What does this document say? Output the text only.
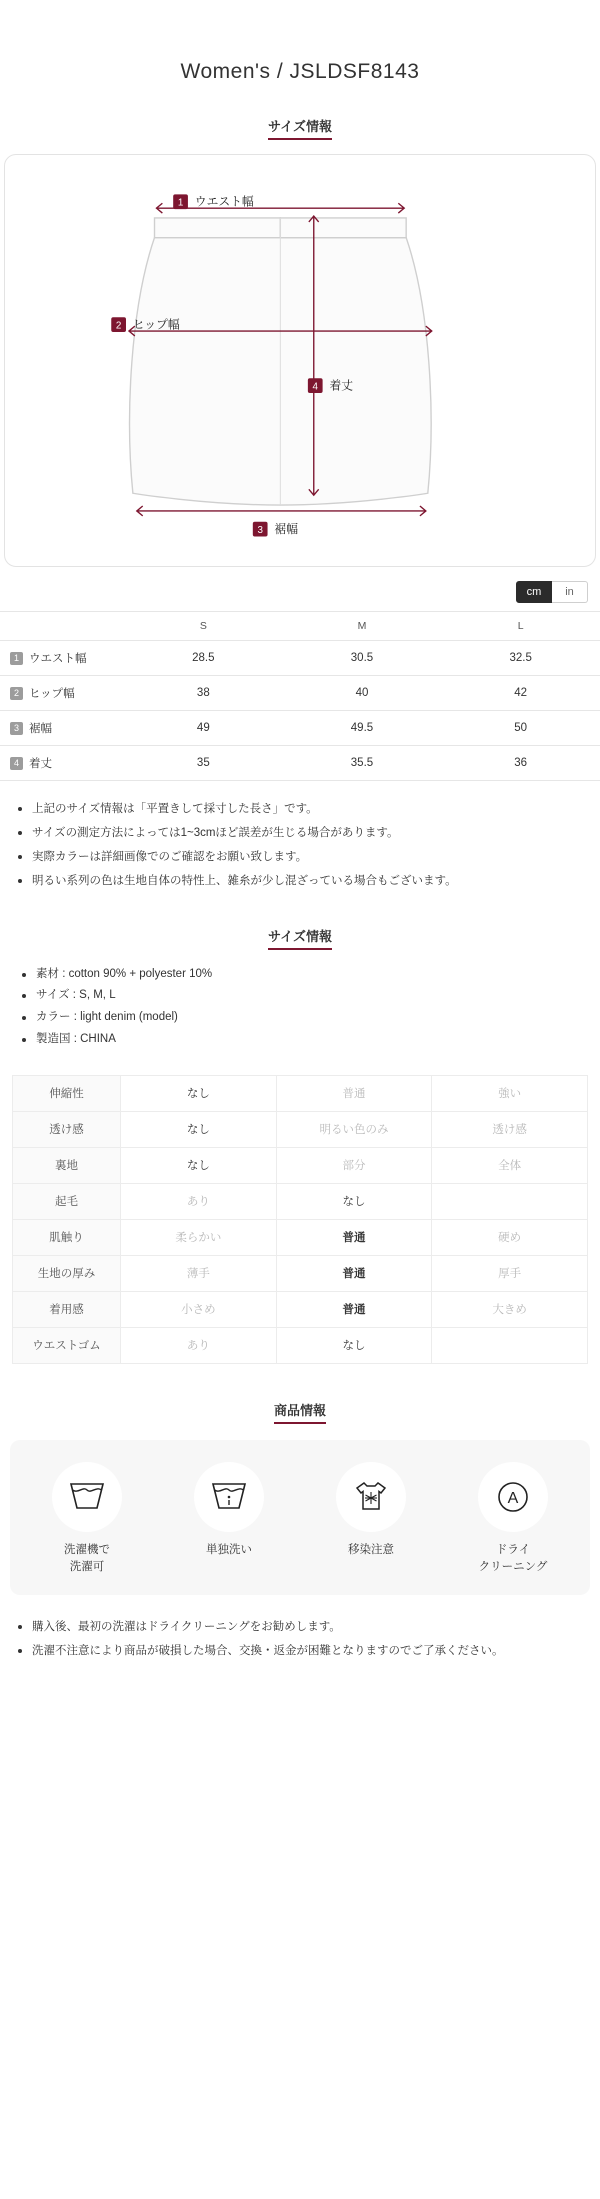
Women's / JSLDSF8143
サイズ情報
1 ウエスト幅
2 ヒップ幅
4 着丈
3 裾幅
cm	in
	S	M	L
1 ウエスト幅	28.5	30.5	32.5
2 ヒップ幅	38	40	42
3 裾幅	49	49.5	50
4 着丈	35	35.5	36
上記のサイズ情報は「平置きして採寸した長さ」です。
サイズの測定方法によっては1~3cmほど誤差が生じる場合があります。
実際カラーは詳細画像でのご確認をお願い致します。
明るい系列の色は生地自体の特性上、雑糸が少し混ざっている場合もございます。
サイズ情報
素材 : cotton 90% + polyester 10%
サイズ : S, M, L
カラー : light denim (model)
製造国 : CHINA
伸縮性	なし	普通	強い
透け感	なし	明るい色のみ	透け感
裏地	なし	部分	全体
起毛	あり	なし	
肌触り	柔らかい	普通	硬め
生地の厚み	薄手	普通	厚手
着用感	小さめ	普通	大きめ
ウエストゴム	あり	なし	
商品情報
洗濯機で
洗濯可
単独洗い	移染注意
A
ドライ
クリーニング
購入後、最初の洗濯はドライクリーニングをお勧めします。
洗濯不注意により商品が破損した場合、交換・返金が困難となりますのでご了承ください。
